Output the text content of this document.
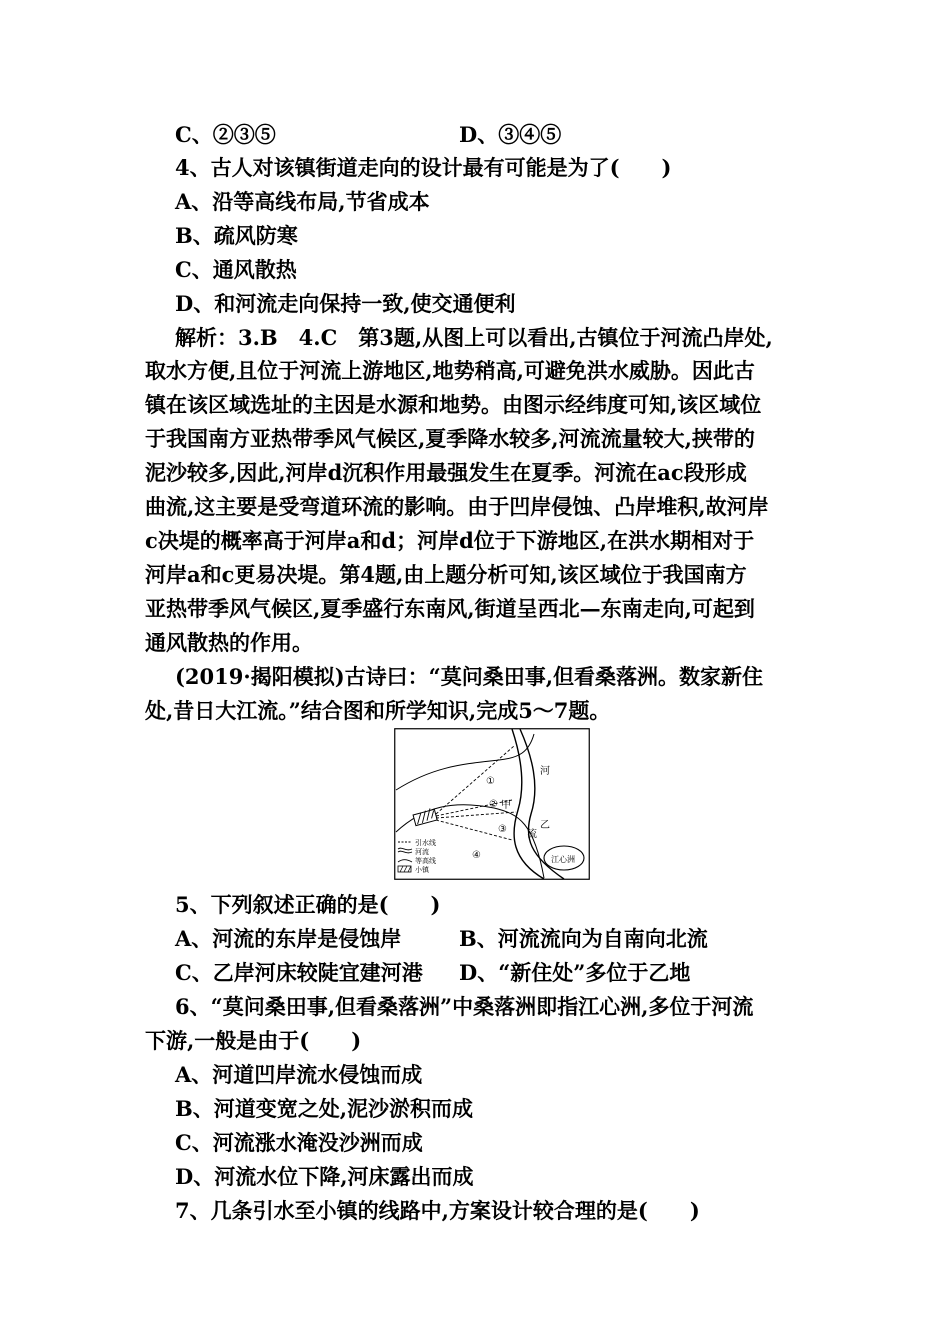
C、②③⑤	D、③④⑤
4、古人对该镇街道走向的设计最有可能是为了(　　)
A、沿等高线布局,节省成本
B、疏风防寒
C、通风散热
D、和河流走向保持一致,使交通便利
解析：3.B　4.C　第3题,从图上可以看出,古镇位于河流凸岸处,
取水方便,且位于河流上游地区,地势稍高,可避免洪水威胁。因此古
镇在该区域选址的主因是水源和地势。由图示经纬度可知,该区域位
于我国南方亚热带季风气候区,夏季降水较多,河流流量较大,挟带的
泥沙较多,因此,河岸d沉积作用最强发生在夏季。河流在ac段形成
曲流,这主要是受弯道环流的影响。由于凹岸侵蚀、凸岸堆积,故河岸
c决堤的概率高于河岸a和d；河岸d位于下游地区,在洪水期相对于
河岸a和c更易决堤。第4题,由上题分析可知,该区域位于我国南方
亚热带季风气候区,夏季盛行东南风,街道呈西北—东南走向,可起到
通风散热的作用。
(2019·揭阳模拟)古诗曰：“莫问桑田事,但看桑落洲。数家新住
处,昔日大江流。”结合图和所学知识,完成5～7题。
①
②
③
④
甲
乙
河
流
江心洲
引水线
河流
等高线
小镇
5、下列叙述正确的是(　　)
A、河流的东岸是侵蚀岸	B、河流流向为自南向北流
C、乙岸河床较陡宜建河港 D、“新住处”多位于乙地
6、“莫问桑田事,但看桑落洲”中桑落洲即指江心洲,多位于河流
下游,一般是由于(　　)
A、河道凹岸流水侵蚀而成
B、河道变宽之处,泥沙淤积而成
C、河流涨水淹没沙洲而成
D、河流水位下降,河床露出而成
7、几条引水至小镇的线路中,方案设计较合理的是(　　)
